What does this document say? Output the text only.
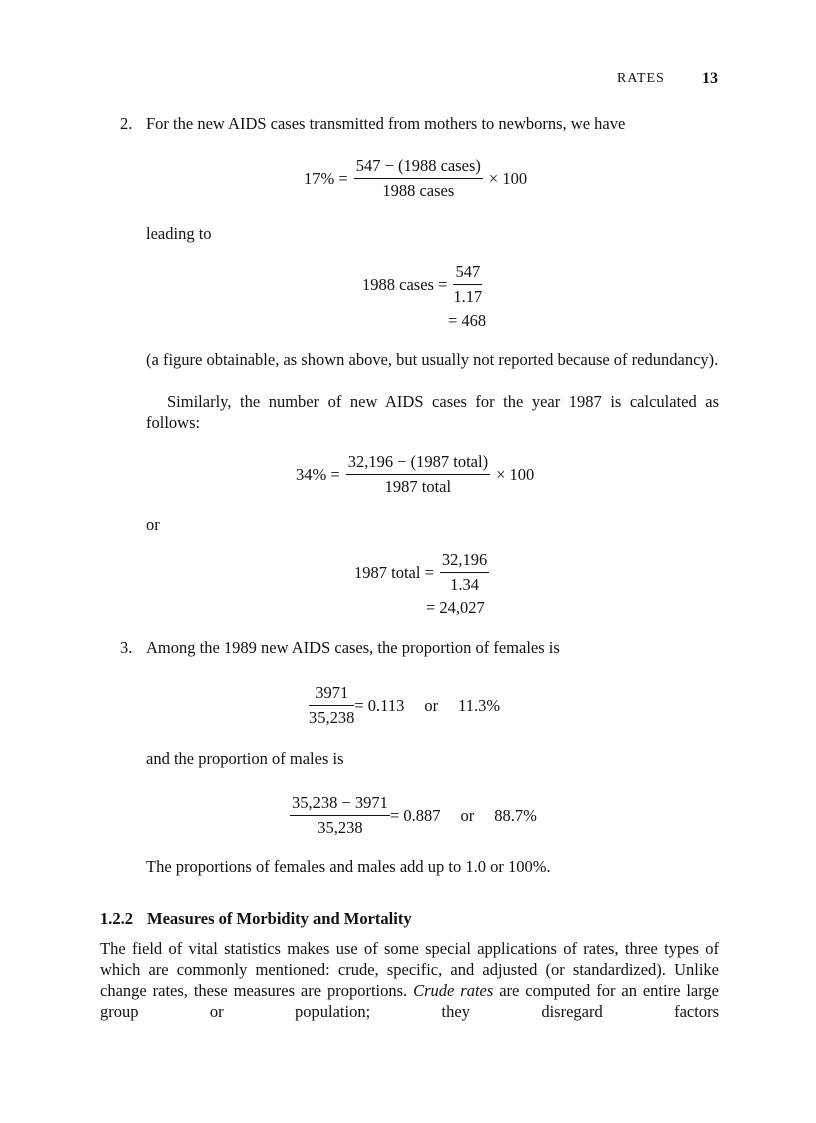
RATES 13
2. For the new AIDS cases transmitted from mothers to newborns, we have
$17\% = \frac{\text{547 − (1988 cases)}}{\text{1988 cases}} \times 100$
leading to
1988 cases = $\frac{547}{1.17}$
= 468
(a figure obtainable, as shown above, but usually not reported because of redundancy).
Similarly, the number of new AIDS cases for the year 1987 is calculated as follows:
$34\% = \frac{\text{32,196 − (1987 total)}}{\text{1987 total}} \times 100$
or
1987 total = $\frac{32,196}{1.34}$
= 24,027
3. Among the 1989 new AIDS cases, the proportion of females is
$\frac{3971}{35,238} = 0.113$ or 11.3%
and the proportion of males is
$\frac{35,238 - 3971}{35,238} = 0.887$ or 88.7%
The proportions of females and males add up to 1.0 or 100%.
1.2.2 Measures of Morbidity and Mortality
The field of vital statistics makes use of some special applications of rates, three types of which are commonly mentioned: crude, specific, and adjusted (or standardized). Unlike change rates, these measures are proportions. Crude rates are computed for an entire large group or population; they disregard factors
